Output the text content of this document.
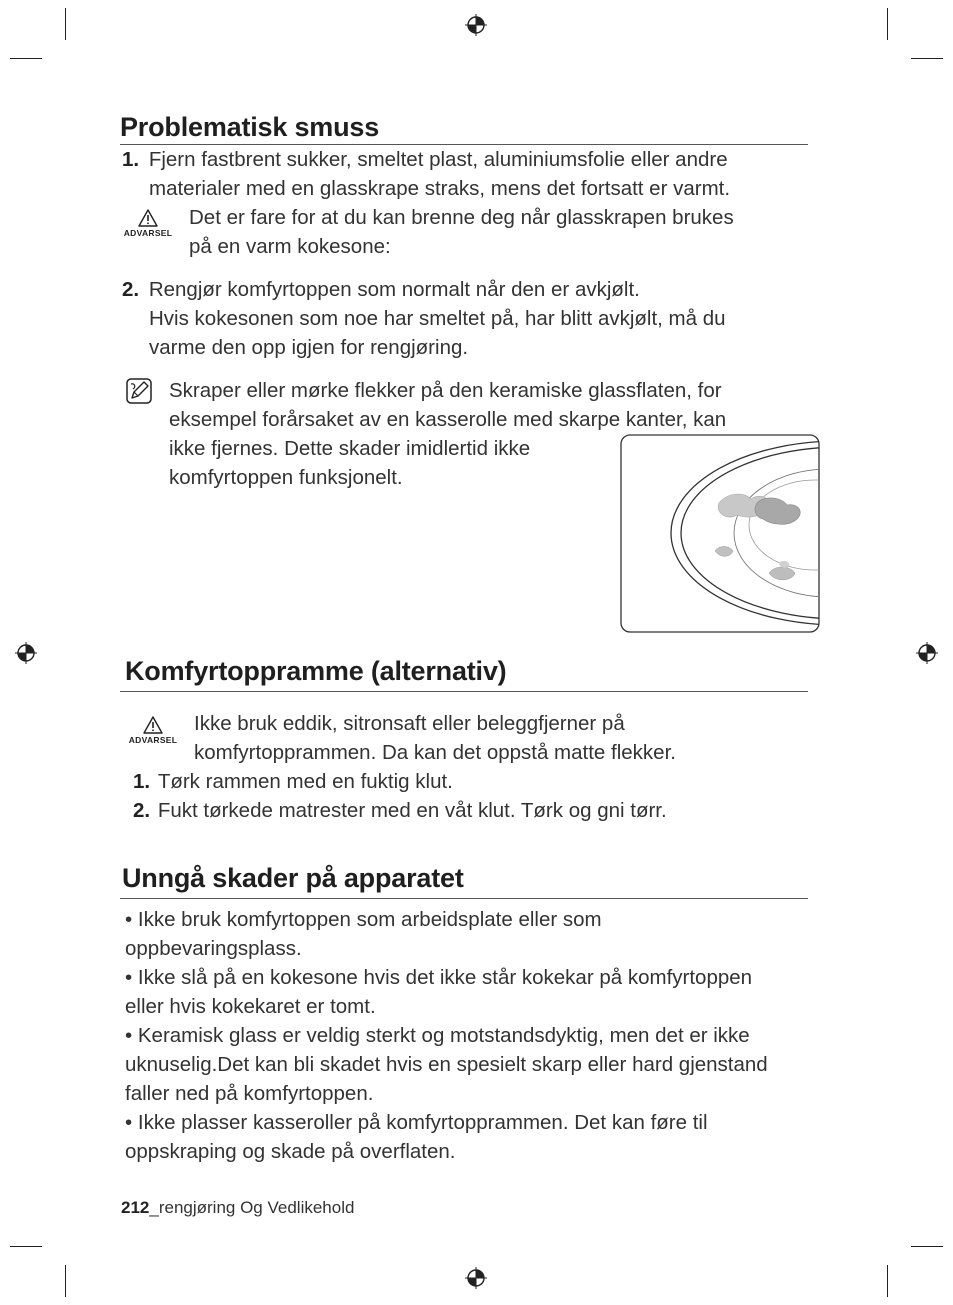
Problematisk smuss
1. Fjern fastbrent sukker, smeltet plast, aluminiumsfolie eller andre
materialer med en glasskrape straks, mens det fortsatt er varmt.
ADVARSEL
Det er fare for at du kan brenne deg når glasskrapen brukes
på en varm kokesone:
2. Rengjør komfyrtoppen som normalt når den er avkjølt.
Hvis kokesonen som noe har smeltet på, har blitt avkjølt, må du
varme den opp igjen for rengjøring.
Skraper eller mørke flekker på den keramiske glassflaten, for
eksempel forårsaket av en kasserolle med skarpe kanter, kan
ikke fjernes. Dette skader imidlertid ikke
komfyrtoppen funksjonelt.
Komfyrtoppramme (alternativ)
ADVARSEL
Ikke bruk eddik, sitronsaft eller beleggfjerner på
komfyrtopprammen. Da kan det oppstå matte flekker.
1. Tørk rammen med en fuktig klut.
2. Fukt tørkede matrester med en våt klut. Tørk og gni tørr.
Unngå skader på apparatet
• Ikke bruk komfyrtoppen som arbeidsplate eller som
oppbevaringsplass.
• Ikke slå på en kokesone hvis det ikke står kokekar på komfyrtoppen
eller hvis kokekaret er tomt.
• Keramisk glass er veldig sterkt og motstandsdyktig, men det er ikke
uknuselig.Det kan bli skadet hvis en spesielt skarp eller hard gjenstand
faller ned på komfyrtoppen.
• Ikke plasser kasseroller på komfyrtopprammen. Det kan føre til
oppskraping og skade på overflaten.
212_rengjøring Og Vedlikehold
